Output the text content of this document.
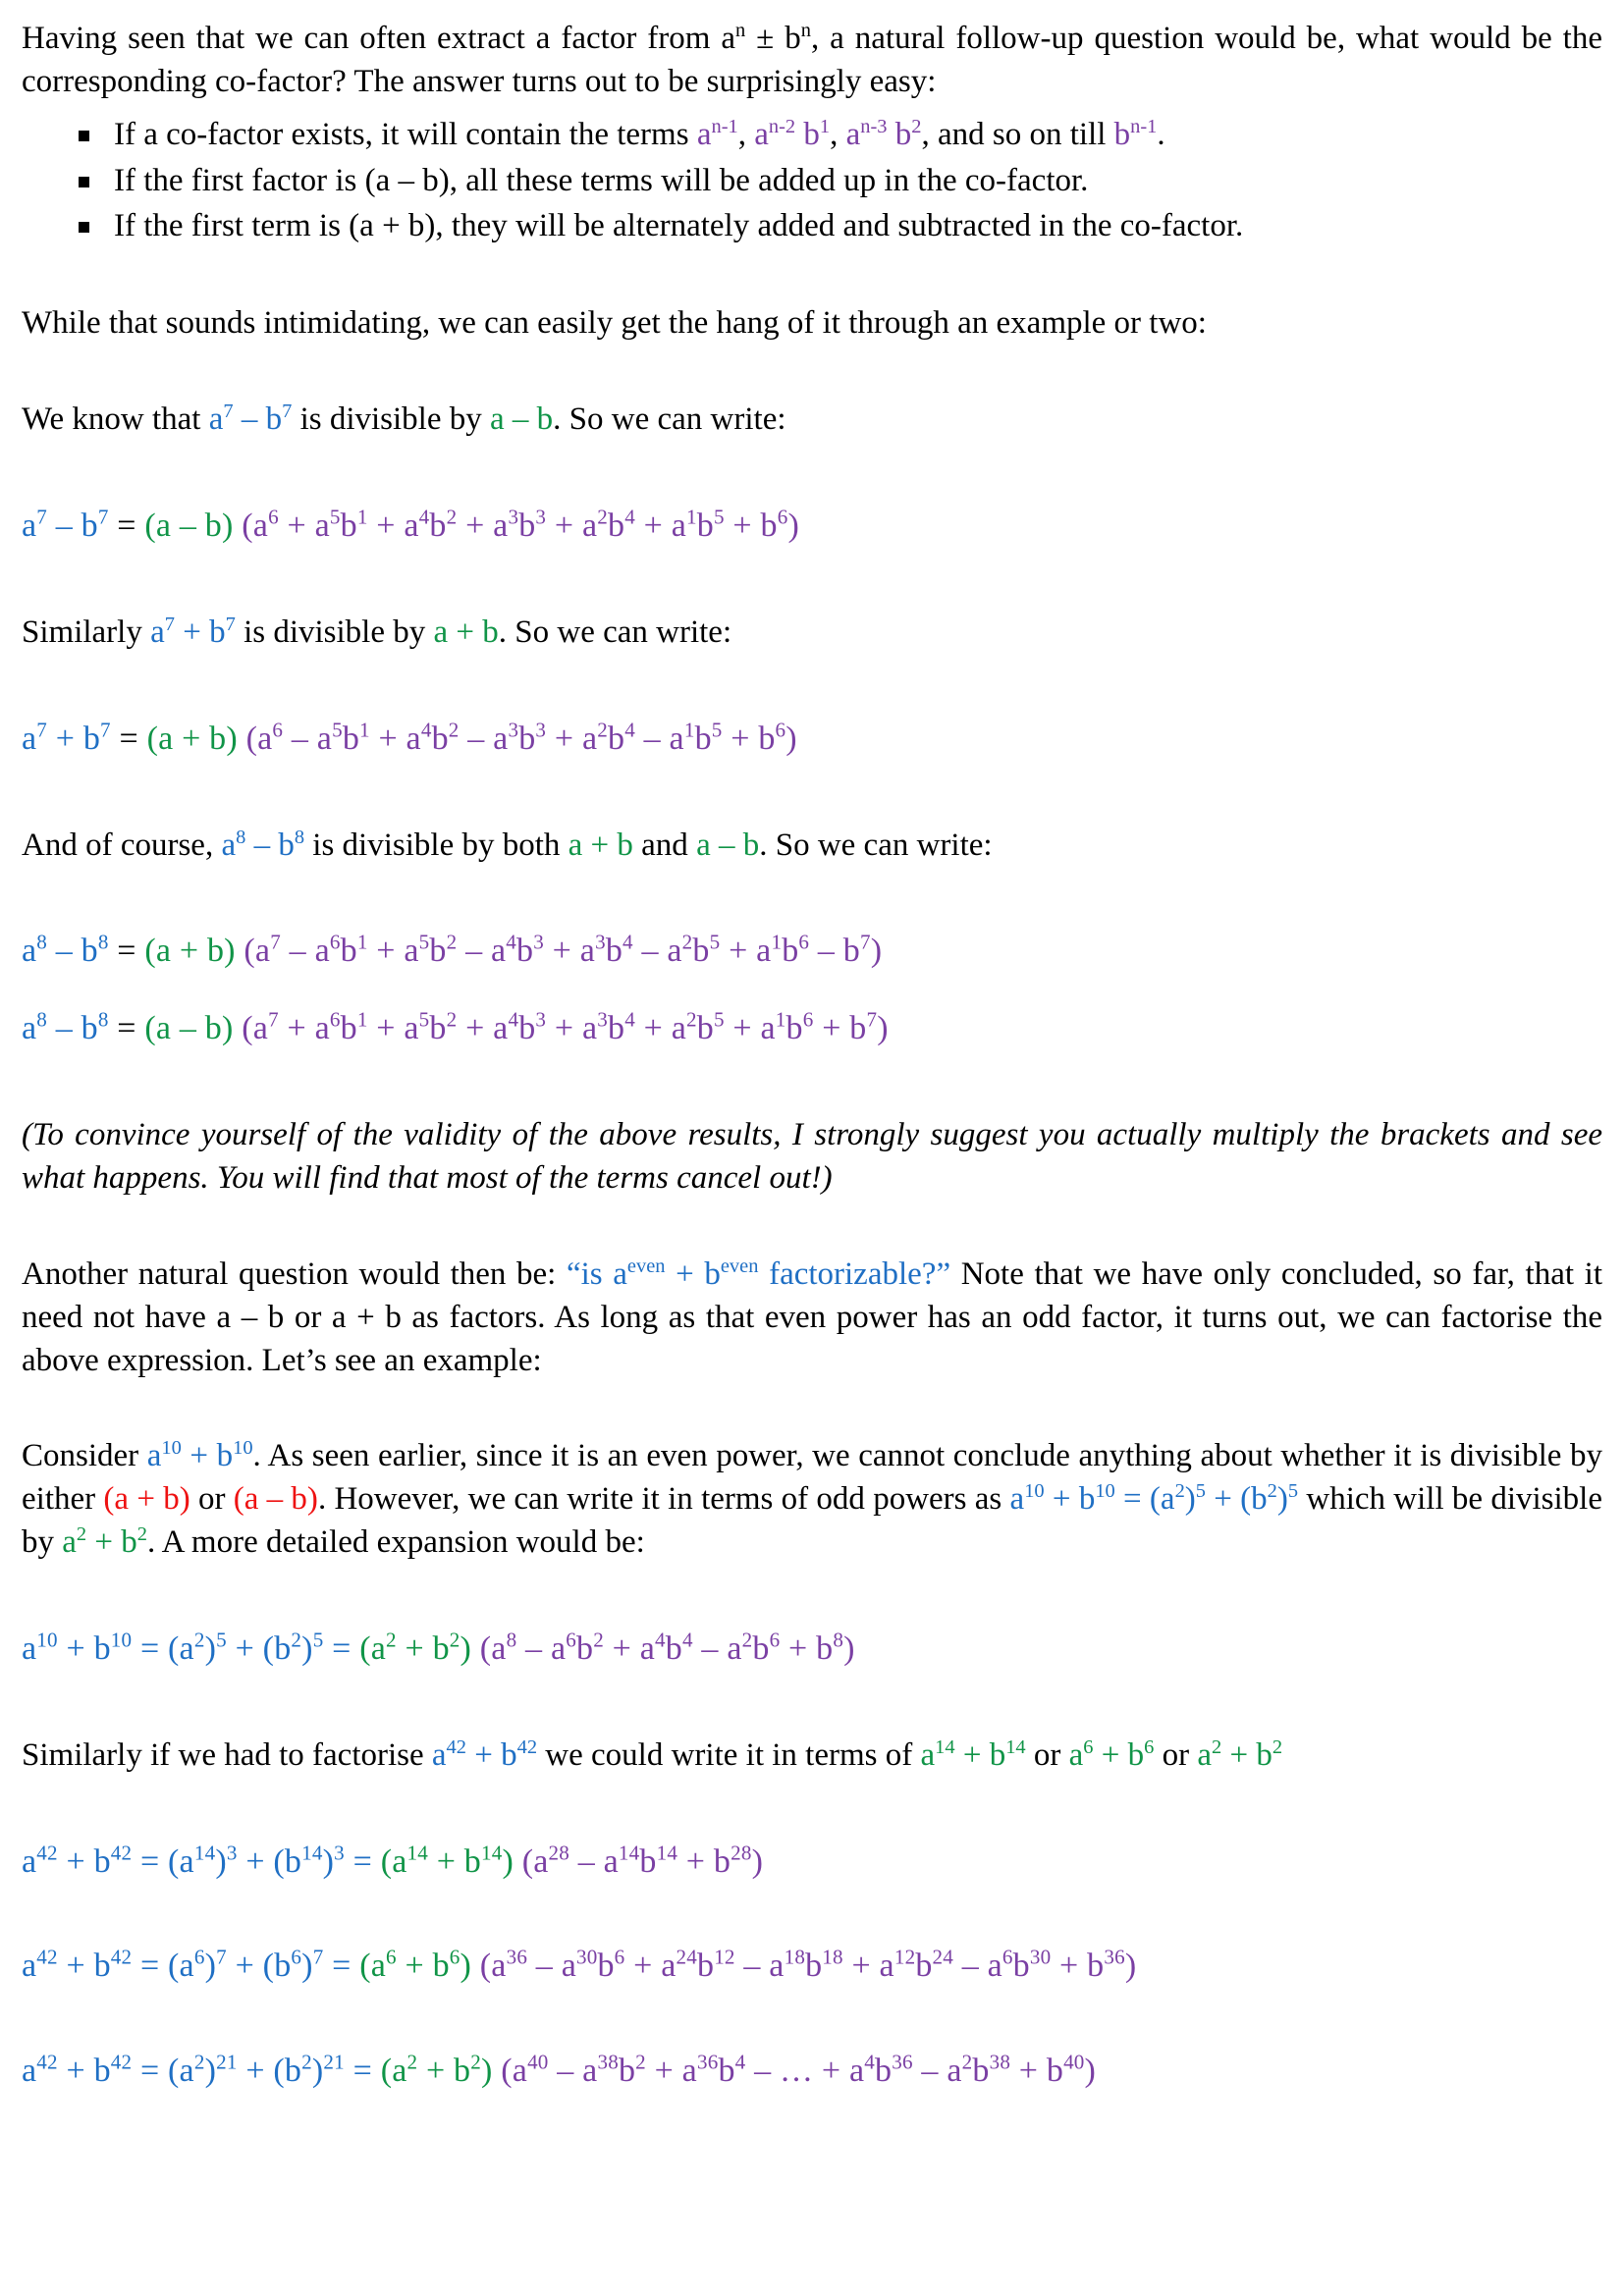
Having seen that we can often extract a factor from $a^n \pm b^n$, a natural follow-up question would be, what would be the corresponding co-factor? The answer turns out to be surprisingly easy:

If a co-factor exists, it will contain the terms $a^{n-1}$, $a^{n-2}$ $b^1$, $a^{n-3}$ $b^2$, and so on till $b^{n-1}$.
If the first factor is (a – b), all these terms will be added up in the co-factor.
If the first term is (a + b), they will be alternately added and subtracted in the co-factor.

While that sounds intimidating, we can easily get the hang of it through an example or two:

We know that $a^7 - b^7$ is divisible by a – b. So we can write:

$a^7 - b^7 = (a - b) (a^6 + a^5b^1 + a^4b^2 + a^3b^3 + a^2b^4 + a^1b^5 + b^6)$

Similarly $a^7 + b^7$ is divisible by a + b. So we can write:

$a^7 + b^7 = (a + b)$ $(a^6 - a^5b^1 + a^4b^2 - a^3b^3 + a^2b^4 - a^1b^5 + b^6)$

And of course, $a^8 - b^8$ is divisible by both a + b and a – b. So we can write:

$a^8 - b^8 = (a + b)$ $(a^7 - a^6b^1 + a^5b^2 - a^4b^3 + a^3b^4 - a^2b^5 + a^1b^6 - b^7)$
$a^8 - b^8 = (a - b) (a^7 + a^6b^1 + a^5b^2 + a^4b^3 + a^3b^4 + a^2b^5 + a^1b^6 + b^7)$

(To convince yourself of the validity of the above results, I strongly suggest you actually multiply the brackets and see what happens. You will find that most of the terms cancel out!)

Another natural question would then be: “is $a^{even} + b^{even}$ factorizable?” Note that we have only concluded, so far, that it need not have a – b or a + b as factors. As long as that even power has an odd factor, it turns out, we can factorise the above expression. Let’s see an example:

Consider $a^{10} + b^{10}$. As seen earlier, since it is an even power, we cannot conclude anything about whether it is divisible by either (a + b) or (a – b). However, we can write it in terms of odd powers as $a^{10} + b^{10} = (a^2)^5 + (b^2)^5$ which will be divisible by $a^2 + b^2$. A more detailed expansion would be:

$a^{10} + b^{10} = (a^2)^5 + (b^2)^5 = (a^2 + b^2)$ $(a^8 - a^6b^2 + a^4b^4 - a^2b^6 + b^8)$

Similarly if we had to factorise $a^{42} + b^{42}$ we could write it in terms of $a^{14} + b^{14}$ or $a^6 + b^6$ or $a^2 + b^2$

$a^{42} + b^{42} = (a^{14})^3 + (b^{14})^3 = (a^{14} + b^{14})$ $(a^{28} - a^{14}b^{14} + b^{28})$
$a^{42} + b^{42} = (a^6)^7 + (b^6)^7 = (a^6 + b^6)$ $(a^{36} - a^{30}b^6 + a^{24}b^{12} - a^{18}b^{18} + a^{12}b^{24} - a^6b^{30} + b^{36})$
$a^{42} + b^{42} = (a^2)^{21} + (b^2)^{21} = (a^2 + b^2)$ ($a^{40} - a^{38}b^2 + a^{36}b^4$ – … + $a^4b^{36} - a^2b^{38} + b^{40}$)
